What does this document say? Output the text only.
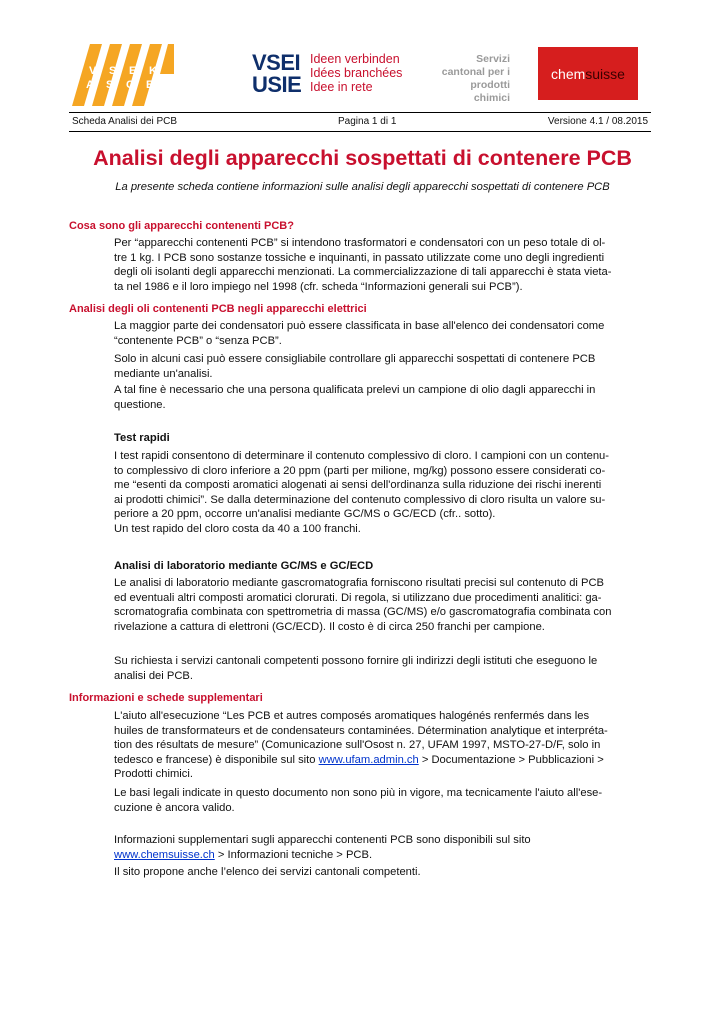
V S E K
A S C E
VSEI
USIE
Ideen verbinden
Idées branchées
Idee in rete
Servizi
cantonal per i
prodotti
chimici
chem suisse
Scheda Analisi dei PCB	Pagina 1 di 1	Versione 4.1 / 08.2015
Analisi degli apparecchi sospettati di contenere PCB
La presente scheda contiene informazioni sulle analisi degli apparecchi sospettati di contenere PCB
Cosa sono gli apparecchi contenenti PCB?
Per “apparecchi contenenti PCB” si intendono trasformatori e condensatori con un peso totale di ol-
tre 1 kg. I PCB sono sostanze tossiche e inquinanti, in passato utilizzate come uno degli ingredienti
degli oli isolanti degli apparecchi menzionati. La commercializzazione di tali apparecchi è stata vieta-
ta nel 1986 e il loro impiego nel 1998 (cfr. scheda “Informazioni generali sui PCB”).
Analisi degli oli contenenti PCB negli apparecchi elettrici
La maggior parte dei condensatori può essere classificata in base all'elenco dei condensatori come
“contenente PCB” o “senza PCB”.
Solo in alcuni casi può essere consigliabile controllare gli apparecchi sospettati di contenere PCB
mediante un'analisi.
A tal fine è necessario che una persona qualificata prelevi un campione di olio dagli apparecchi in
questione.
Test rapidi
I test rapidi consentono di determinare il contenuto complessivo di cloro. I campioni con un contenu-
to complessivo di cloro inferiore a 20 ppm (parti per milione, mg/kg) possono essere considerati co-
me “esenti da composti aromatici alogenati ai sensi dell'ordinanza sulla riduzione dei rischi inerenti
ai prodotti chimici”. Se dalla determinazione del contenuto complessivo di cloro risulta un valore su-
periore a 20 ppm, occorre un'analisi mediante GC/MS o GC/ECD (cfr.. sotto).
Un test rapido del cloro costa da 40 a 100 franchi.
Analisi di laboratorio mediante GC/MS e GC/ECD
Le analisi di laboratorio mediante gascromatografia forniscono risultati precisi sul contenuto di PCB
ed eventuali altri composti aromatici clorurati. Di regola, si utilizzano due procedimenti analitici: ga-
scromatografia combinata con spettrometria di massa (GC/MS) e/o gascromatografia combinata con
rivelazione a cattura di elettroni (GC/ECD). Il costo è di circa 250 franchi per campione.
Su richiesta i servizi cantonali competenti possono fornire gli indirizzi degli istituti che eseguono le
analisi dei PCB.
Informazioni e schede supplementari
L'aiuto all'esecuzione “Les PCB et autres composés aromatiques halogénés renfermés dans les
huiles de transformateurs et de condensateurs contaminées. Détermination analytique et interpréta-
tion des résultats de mesure” (Comunicazione sull'Osost n. 27, UFAM 1997, MSTO-27-D/F, solo in
tedesco e francese) è disponibile sul sito www.ufam.admin.ch > Documentazione > Pubblicazioni >
Prodotti chimici.
Le basi legali indicate in questo documento non sono più in vigore, ma tecnicamente l'aiuto all'ese-
cuzione è ancora valido.
Informazioni supplementari sugli apparecchi contenenti PCB sono disponibili sul sito
www.chemsuisse.ch > Informazioni tecniche > PCB.
Il sito propone anche l’elenco dei servizi cantonali competenti.
